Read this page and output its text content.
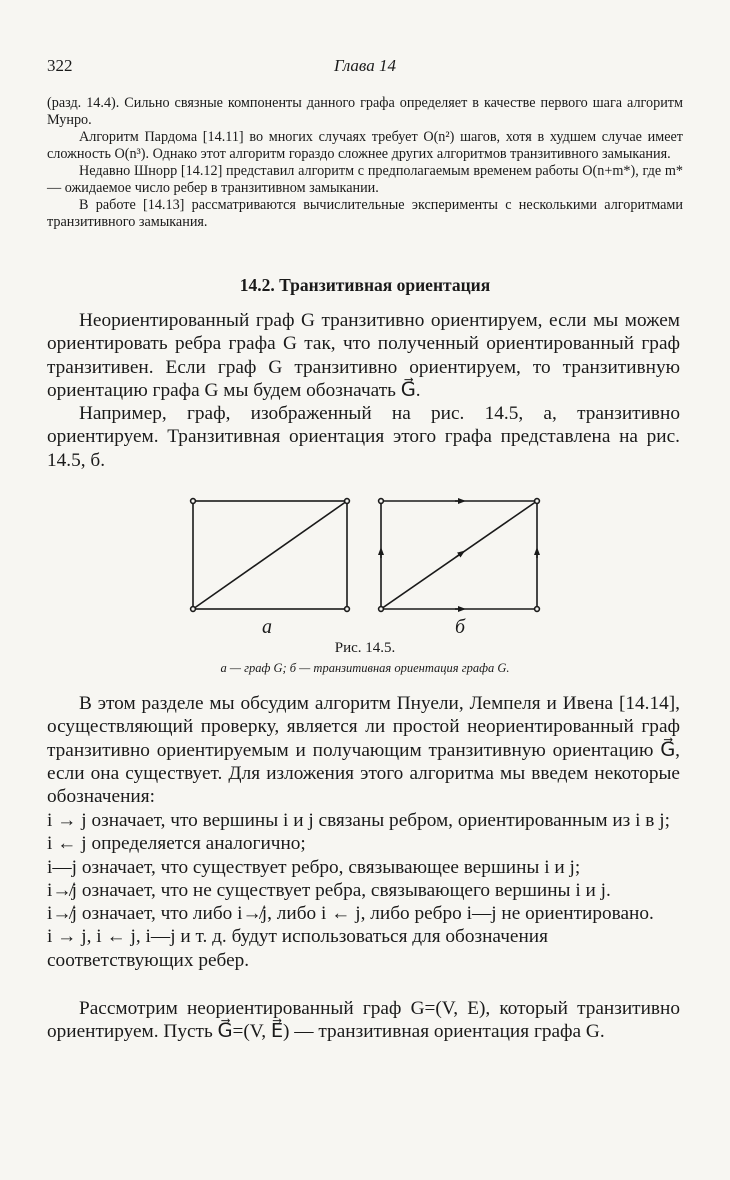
322	Глава 14

(разд. 14.4). Сильно связные компоненты данного графа определяет в качестве первого шага алгоритм Мунро.

Алгоритм Пардома [14.11] во многих случаях требует O(n²) шагов, хотя в худшем случае имеет сложность O(n³). Однако этот алгоритм гораздо сложнее других алгоритмов транзитивного замыкания.

Недавно Шнорр [14.12] представил алгоритм с предполагаемым временем работы O(n+m*), где m* — ожидаемое число ребер в транзитивном замыкании.

В работе [14.13] рассматриваются вычислительные эксперименты с несколькими алгоритмами транзитивного замыкания.

14.2. Транзитивная ориентация

Неориентированный граф G транзитивно ориентируем, если мы можем ориентировать ребра графа G так, что полученный ориентированный граф транзитивен. Если граф G транзитивно ориентируем, то транзитивную ориентацию графа G мы будем обозначать G⃗.

Например, граф, изображенный на рис. 14.5, а, транзитивно ориентируем. Транзитивная ориентация этого графа представлена на рис. 14.5, б.

а	б
Рис. 14.5.
а — граф G; б — транзитивная ориентация графа G.

В этом разделе мы обсудим алгоритм Пнуели, Лемпеля и Ивена [14.14], осуществляющий проверку, является ли простой неориентированный граф транзитивно ориентируемым и получающим транзитивную ориентацию G⃗, если она существует. Для изложения этого алгоритма мы введем некоторые обозначения:

i → j означает, что вершины i и j связаны ребром, ориентированным из i в j;
i ← j определяется аналогично;
i—j означает, что существует ребро, связывающее вершины i и j;
i↛j означает, что не существует ребра, связывающего вершины i и j.
i↛j означает, что либо i↛j, либо i ← j, либо ребро i—j не ориентировано.
i → j, i ← j, i—j и т. д. будут использоваться для обозначения соответствующих ребер.

Рассмотрим неориентированный граф G=(V, E), который транзитивно ориентируем. Пусть G⃗=(V, E⃗) — транзитивная ориентация графа G.
